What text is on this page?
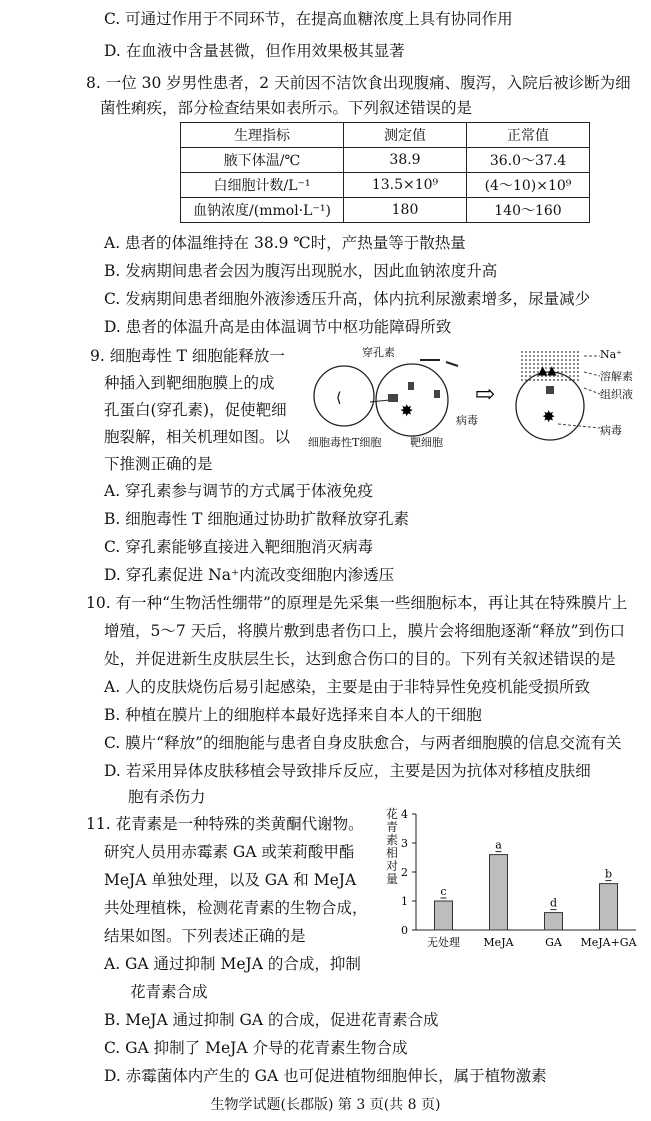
C. 可通过作用于不同环节，在提高血糖浓度上具有协同作用
D. 在血液中含量甚微，但作用效果极其显著
8. 一位 30 岁男性患者，2 天前因不洁饮食出现腹痛、腹泻，入院后被诊断为细
菌性痢疾，部分检查结果如表所示。下列叙述错误的是
生理指标	测定值	正常值
腋下体温/℃	38.9	36.0～37.4
白细胞计数/L⁻¹	13.5×10⁹	(4～10)×10⁹
血钠浓度/(mmol·L⁻¹)	180	140～160
A. 患者的体温维持在 38.9 ℃时，产热量等于散热量
B. 发病期间患者会因为腹泻出现脱水，因此血钠浓度升高
C. 发病期间患者细胞外液渗透压升高，体内抗利尿激素增多，尿量减少
D. 患者的体温升高是由体温调节中枢功能障碍所致
9. 细胞毒性 T 细胞能释放一
种插入到靶细胞膜上的成
孔蛋白(穿孔素)，促使靶细
胞裂解，相关机理如图。以
下推测正确的是
⟨
✸
⇨
▲▲
✸
穿孔素
细胞毒性T细胞	靶细胞
病毒
Na⁺
溶解素
组织液
病毒
A. 穿孔素参与调节的方式属于体液免疫
B. 细胞毒性 T 细胞通过协助扩散释放穿孔素
C. 穿孔素能够直接进入靶细胞消灭病毒
D. 穿孔素促进 Na⁺内流改变细胞内渗透压
10. 有一种“生物活性绷带”的原理是先采集一些细胞标本，再让其在特殊膜片上
增殖，5～7 天后，将膜片敷到患者伤口上，膜片会将细胞逐渐“释放”到伤口
处，并促进新生皮肤层生长，达到愈合伤口的目的。下列有关叙述错误的是
A. 人的皮肤烧伤后易引起感染，主要是由于非特异性免疫机能受损所致
B. 种植在膜片上的细胞样本最好选择来自本人的干细胞
C. 膜片“释放”的细胞能与患者自身皮肤愈合，与两者细胞膜的信息交流有关
D. 若采用异体皮肤移植会导致排斥反应，主要是因为抗体对移植皮肤细
胞有杀伤力
11. 花青素是一种特殊的类黄酮代谢物。
研究人员用赤霉素 GA 或茉莉酸甲酯
MeJA 单独处理，以及 GA 和 MeJA
共处理植株，检测花青素的生物合成，
结果如图。下列表述正确的是
A. GA 通过抑制 MeJA 的合成，抑制
花青素合成
B. MeJA 通过抑制 GA 的合成，促进花青素合成
C. GA 抑制了 MeJA 介导的花青素生物合成
D. 赤霉菌体内产生的 GA 也可促进植物细胞伸长，属于植物激素
花青素相对量
0
1
2
3
4
c
无处理
a
MeJA
d
GA
b
MeJA+GA
生物学试题(长郡版) 第 3 页(共 8 页)
